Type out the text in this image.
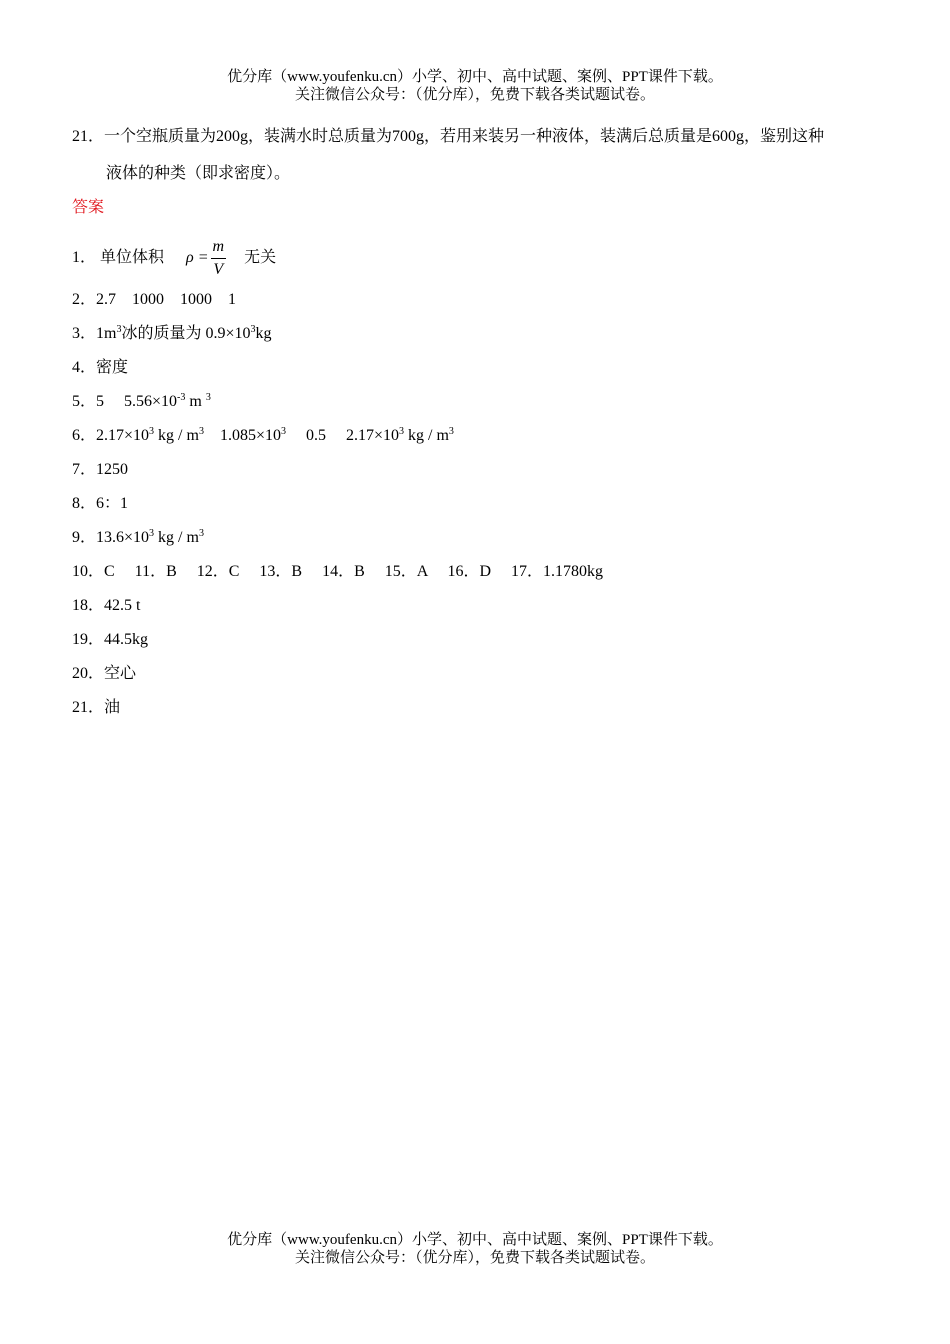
优分库（www.youfenku.cn）小学、初中、高中试题、案例、PPT课件下载。
关注微信公众号：（优分库），免费下载各类试题试卷。
21．一个空瓶质量为200g，装满水时总质量为700g，若用来装另一种液体，装满后总质量是600g，鉴别这种
液体的种类（即求密度）。
答案
1． 单位体积 $\rho = \frac{m}{V}$ 无关
2．2.7　1000　1000　1
3．$1m^3$冰的质量为 $0.9\times 10^3kg$
4．密度
5．5　 $5.56\times 10^{-3}$ m $^3$
6．$2.17\times 10^3$ kg / $m^3$　$1.085\times 10^3$　 0.5　 $2.17\times 10^3$ kg / $m^3$
7．1250
8．6：1
9．$13.6\times 10^3$ kg / $m^3$
10．C　 11．B　 12．C　 13．B　 14．B　 15．A　 16．D　 17．1.1780kg
18．42.5 t
19．44.5kg
20．空心
21．油
优分库（www.youfenku.cn）小学、初中、高中试题、案例、PPT课件下载。
关注微信公众号：（优分库），免费下载各类试题试卷。
